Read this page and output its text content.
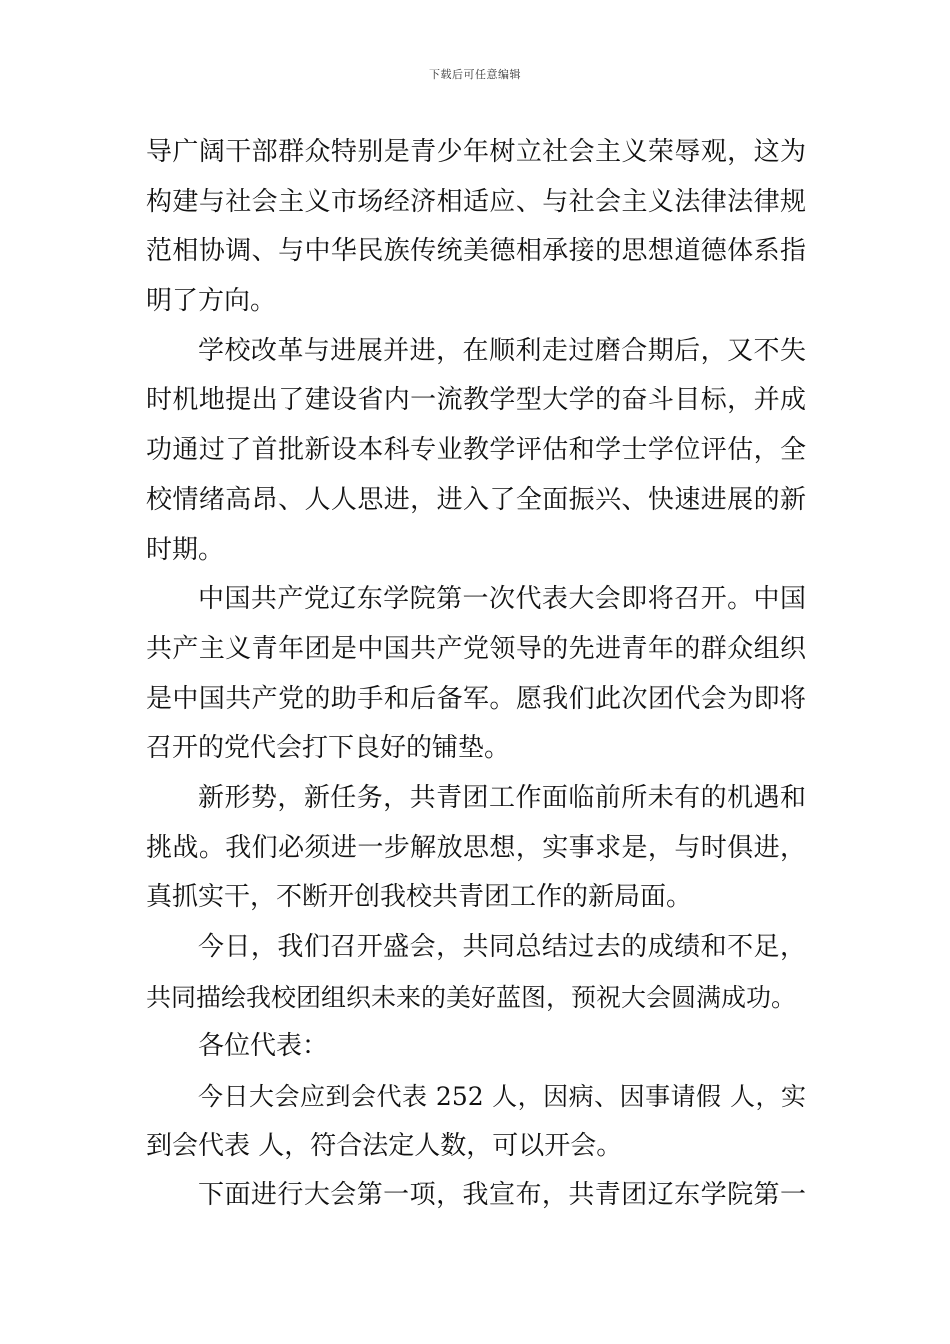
下载后可任意编辑
导广阔干部群众特别是青少年树立社会主义荣辱观，这为
构建与社会主义市场经济相适应、与社会主义法律法律规
范相协调、与中华民族传统美德相承接的思想道德体系指
明了方向。
学校改革与进展并进，在顺利走过磨合期后，又不失
时机地提出了建设省内一流教学型大学的奋斗目标，并成
功通过了首批新设本科专业教学评估和学士学位评估，全
校情绪高昂、人人思进，进入了全面振兴、快速进展的新
时期。
中国共产党辽东学院第一次代表大会即将召开。中国
共产主义青年团是中国共产党领导的先进青年的群众组织
是中国共产党的助手和后备军。愿我们此次团代会为即将
召开的党代会打下良好的铺垫。
新形势，新任务，共青团工作面临前所未有的机遇和
挑战。我们必须进一步解放思想，实事求是，与时俱进，
真抓实干，不断开创我校共青团工作的新局面。
今日，我们召开盛会，共同总结过去的成绩和不足，
共同描绘我校团组织未来的美好蓝图，预祝大会圆满成功。
各位代表：
今日大会应到会代表 252 人，因病、因事请假 人，实
到会代表 人，符合法定人数，可以开会。
下面进行大会第一项，我宣布，共青团辽东学院第一
